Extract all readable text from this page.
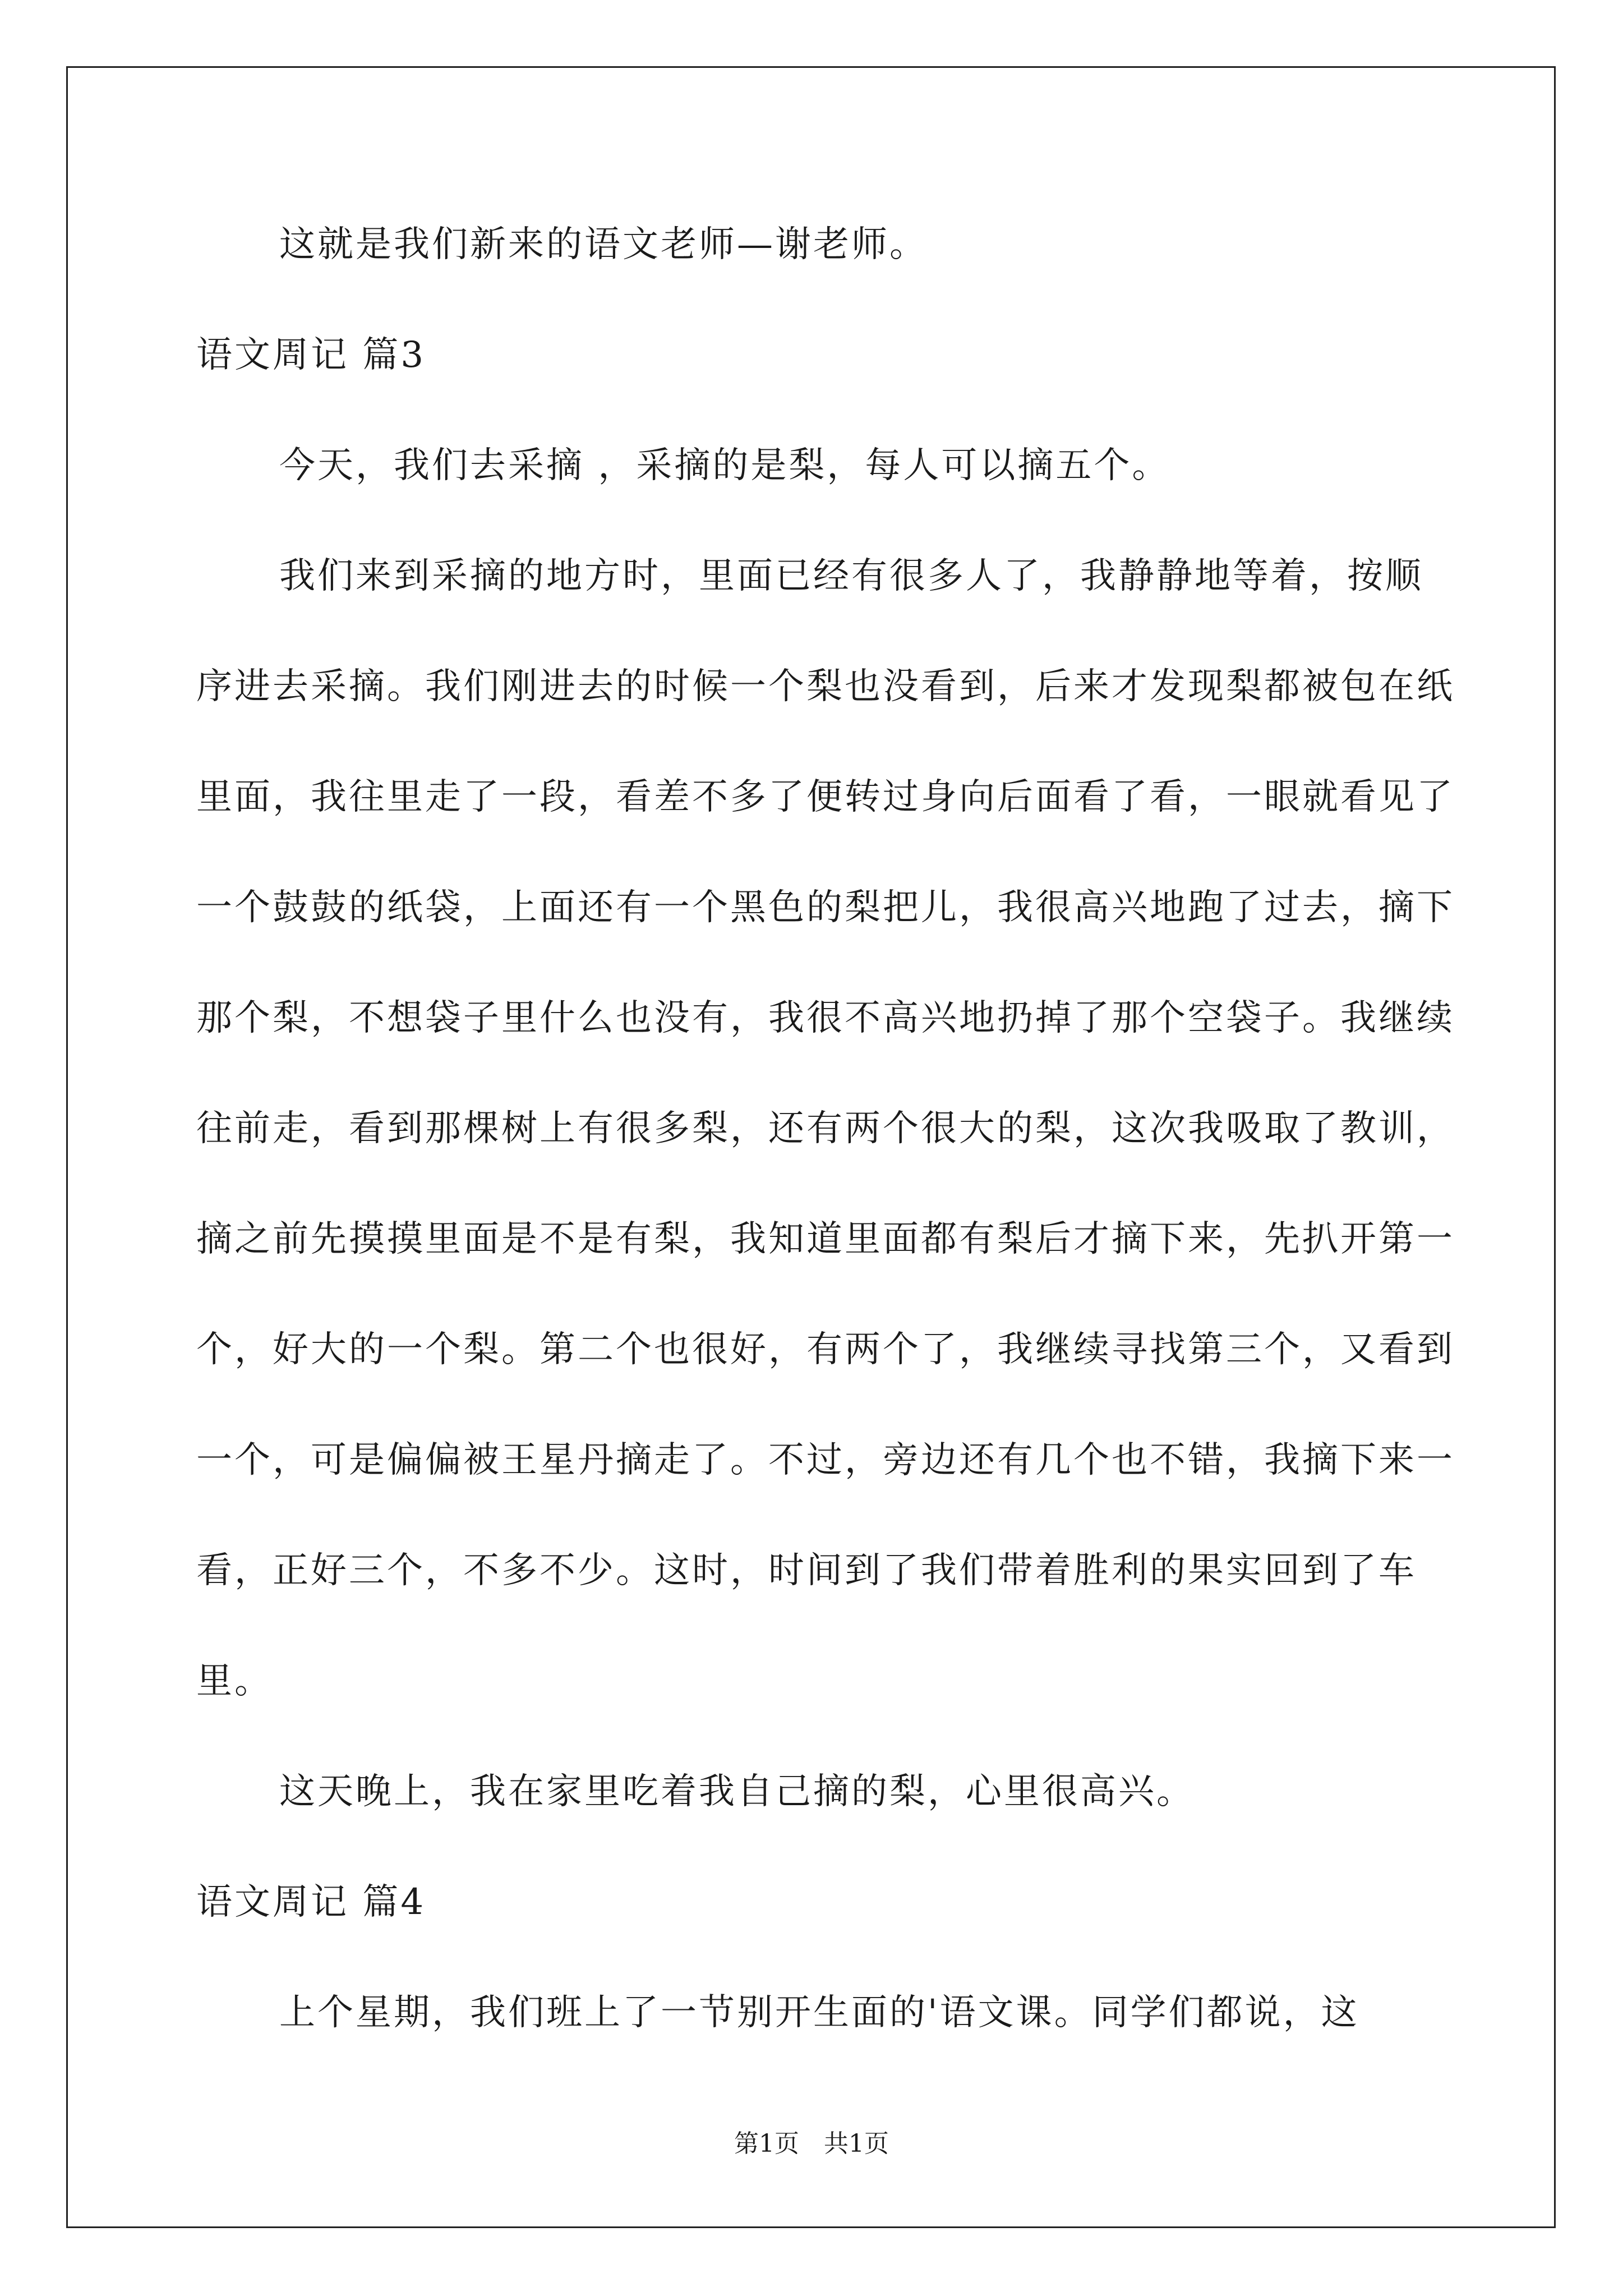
这就是我们新来的语文老师—谢老师。

语文周记 篇3

今天，我们去采摘 ，采摘的是梨，每人可以摘五个。

我们来到采摘的地方时，里面已经有很多人了，我静静地等着，按顺序进去采摘。我们刚进去的时候一个梨也没看到，后来才发现梨都被包在纸里面，我往里走了一段，看差不多了便转过身向后面看了看，一眼就看见了一个鼓鼓的纸袋，上面还有一个黑色的梨把儿，我很高兴地跑了过去，摘下那个梨，不想袋子里什么也没有，我很不高兴地扔掉了那个空袋子。我继续往前走，看到那棵树上有很多梨，还有两个很大的梨，这次我吸取了教训，摘之前先摸摸里面是不是有梨，我知道里面都有梨后才摘下来，先扒开第一个，好大的一个梨。第二个也很好，有两个了，我继续寻找第三个，又看到一个，可是偏偏被王星丹摘走了。不过，旁边还有几个也不错，我摘下来一看，正好三个，不多不少。这时，时间到了我们带着胜利的果实回到了车里。

这天晚上，我在家里吃着我自己摘的梨，心里很高兴。

语文周记 篇4

上个星期，我们班上了一节别开生面的'语文课。同学们都说，这

第1页　共1页
